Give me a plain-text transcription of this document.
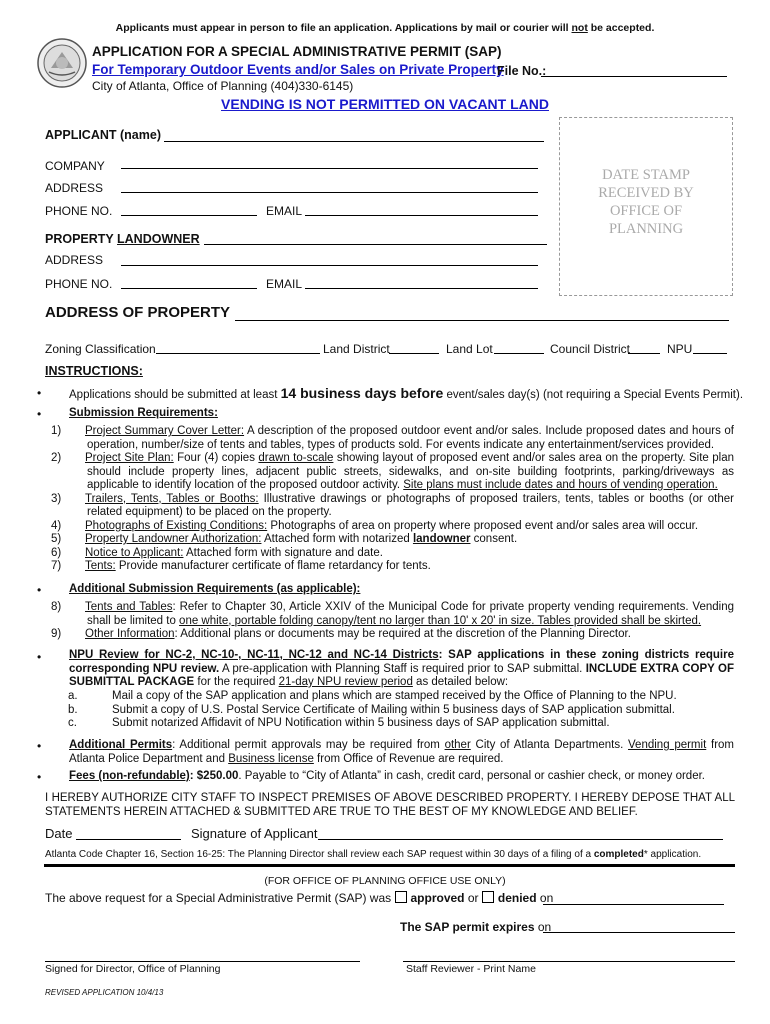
Applicants must appear in person to file an application. Applications by mail or courier will not be accepted.
APPLICATION FOR A SPECIAL ADMINISTRATIVE PERMIT (SAP)
For Temporary Outdoor Events and/or Sales on Private Property
File No.:
City of Atlanta, Office of Planning (404)330-6145)
VENDING IS NOT PERMITTED ON VACANT LAND
APPLICANT (name)
COMPANY
ADDRESS
PHONE NO.	EMAIL
PROPERTY LANDOWNER
ADDRESS
PHONE NO.	EMAIL
DATE STAMP
RECEIVED BY
OFFICE OF
PLANNING
ADDRESS OF PROPERTY
Zoning Classification	Land District	Land Lot	Council District	NPU
INSTRUCTIONS:
• Applications should be submitted at least 14 business days before event/sales day(s) (not requiring a Special Events Permit).
• Submission Requirements:
1) Project Summary Cover Letter: A description of the proposed outdoor event and/or sales. Include proposed dates and hours of operation, number/size of tents and tables, types of products sold. For events indicate any entertainment/services provided.
2) Project Site Plan: Four (4) copies drawn to-scale showing layout of proposed event and/or sales area on the property. Site plan should include property lines, adjacent public streets, sidewalks, and on-site building footprints, parking/driveways as applicable to identify location of the proposed outdoor activity. Site plans must include dates and hours of vending operation.
3) Trailers, Tents, Tables or Booths: Illustrative drawings or photographs of proposed trailers, tents, tables or booths (or other related equipment) to be placed on the property.
4) Photographs of Existing Conditions: Photographs of area on property where proposed event and/or sales area will occur.
5) Property Landowner Authorization: Attached form with notarized landowner consent.
6) Notice to Applicant: Attached form with signature and date.
7) Tents: Provide manufacturer certificate of flame retardancy for tents.
• Additional Submission Requirements (as applicable):
8) Tents and Tables: Refer to Chapter 30, Article XXIV of the Municipal Code for private property vending requirements. Vending shall be limited to one white, portable folding canopy/tent no larger than 10' x 20' in size. Tables provided shall be skirted.
9) Other Information: Additional plans or documents may be required at the discretion of the Planning Director.
• NPU Review for NC-2, NC-10-, NC-11, NC-12 and NC-14 Districts: SAP applications in these zoning districts require corresponding NPU review. A pre-application with Planning Staff is required prior to SAP submittal. INCLUDE EXTRA COPY OF SUBMITTAL PACKAGE for the required 21-day NPU review period as detailed below:
a.	Mail a copy of the SAP application and plans which are stamped received by the Office of Planning to the NPU.
b.	Submit a copy of U.S. Postal Service Certificate of Mailing within 5 business days of SAP application submittal.
c.	Submit notarized Affidavit of NPU Notification within 5 business days of SAP application submittal.
• Additional Permits: Additional permit approvals may be required from other City of Atlanta Departments. Vending permit from Atlanta Police Department and Business license from Office of Revenue are required.
• Fees (non-refundable): $250.00. Payable to “City of Atlanta” in cash, credit card, personal or cashier check, or money order.
I HEREBY AUTHORIZE CITY STAFF TO INSPECT PREMISES OF ABOVE DESCRIBED PROPERTY. I HEREBY DEPOSE THAT ALL STATEMENTS HEREIN ATTACHED & SUBMITTED ARE TRUE TO THE BEST OF MY KNOWLEDGE AND BELIEF.
Date	Signature of Applicant
Atlanta Code Chapter 16, Section 16-25: The Planning Director shall review each SAP request within 30 days of a filing of a completed* application.
(FOR OFFICE OF PLANNING OFFICE USE ONLY)
The above request for a Special Administrative Permit (SAP) was approved or denied on
The SAP permit expires on
Signed for Director, Office of Planning	Staff Reviewer - Print Name
REVISED APPLICATION 10/4/13
